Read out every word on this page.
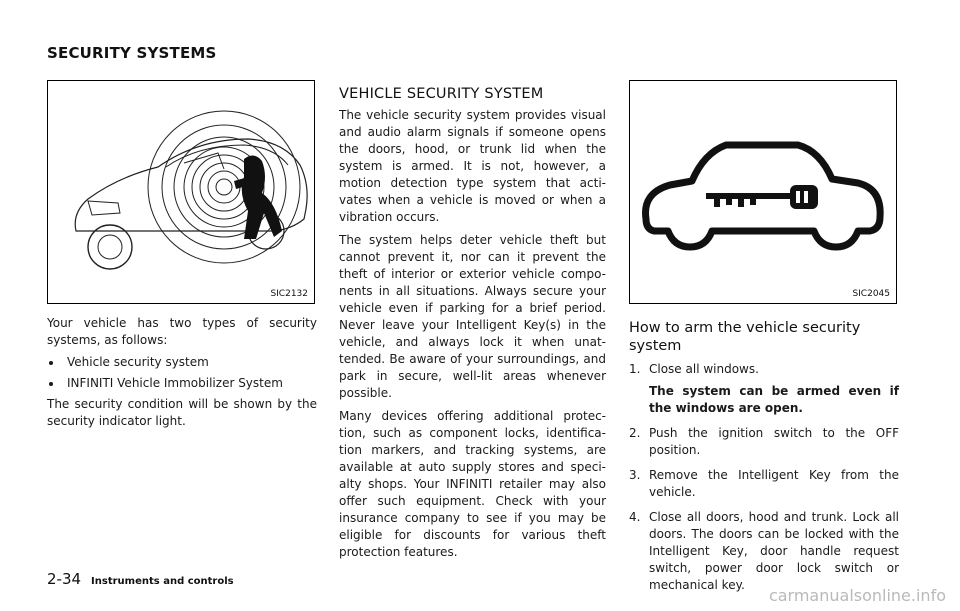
SECURITY SYSTEMS
SIC2132

Your vehicle has two types of security systems, as follows:

Vehicle security system
INFINITI Vehicle Immobilizer System

The security condition will be shown by the security indicator light.

VEHICLE SECURITY SYSTEM

The vehicle security system provides visual and audio alarm signals if someone opens the doors, hood, or trunk lid when the system is armed. It is not, however, a motion detection type system that acti-vates when a vehicle is moved or when a vibration occurs.

The system helps deter vehicle theft but cannot prevent it, nor can it prevent the theft of interior or exterior vehicle compo-nents in all situations. Always secure your vehicle even if parking for a brief period. Never leave your Intelligent Key(s) in the vehicle, and always lock it when unat-tended. Be aware of your surroundings, and park in secure, well-lit areas whenever possible.

Many devices offering additional protec-tion, such as component locks, identifica-tion markers, and tracking systems, are available at auto supply stores and speci-alty shops. Your INFINITI retailer may also offer such equipment. Check with your insurance company to see if you may be eligible for discounts for various theft protection features.

SIC2045
How to arm the vehicle security system
1. Close all windows.
The system can be armed even if the windows are open.
2. Push the ignition switch to the OFF position.
3. Remove the Intelligent Key from the vehicle.
4. Close all doors, hood and trunk. Lock all doors. The doors can be locked with the Intelligent Key, door handle request switch, power door lock switch or mechanical key.
2-34 Instruments and controls
carmanualsonline.info
